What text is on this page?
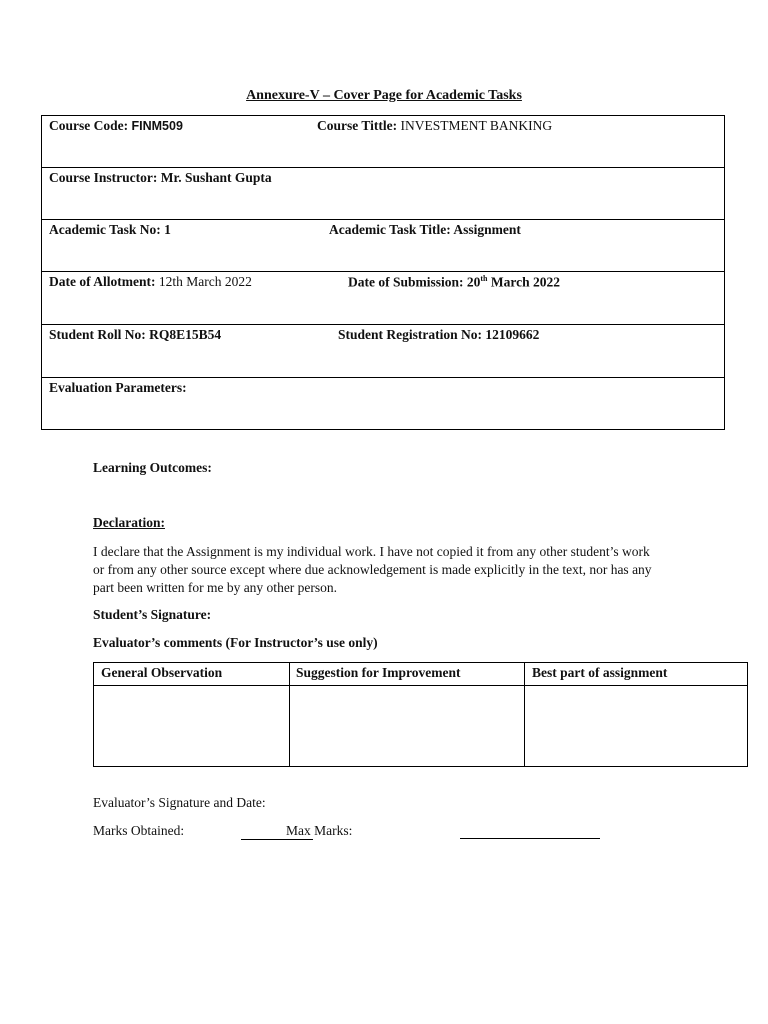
Annexure-V – Cover Page for Academic Tasks
Course Code: FINM509	Course Tittle: INVESTMENT BANKING
Course Instructor: Mr. Sushant Gupta
Academic Task No: 1	Academic Task Title: Assignment
Date of Allotment: 12th March 2022	Date of Submission: 20th March 2022
Student Roll No: RQ8E15B54	Student Registration No: 12109662
Evaluation Parameters:
Learning Outcomes:
Declaration:
I declare that the Assignment is my individual work. I have not copied it from any other student’s work or from any other source except where due acknowledgement is made explicitly in the text, nor has any part been written for me by any other person.
Student’s Signature:
Evaluator’s comments (For Instructor’s use only)
General Observation	Suggestion for Improvement	Best part of assignment
Evaluator’s Signature and Date:
Marks Obtained:	Max Marks:
